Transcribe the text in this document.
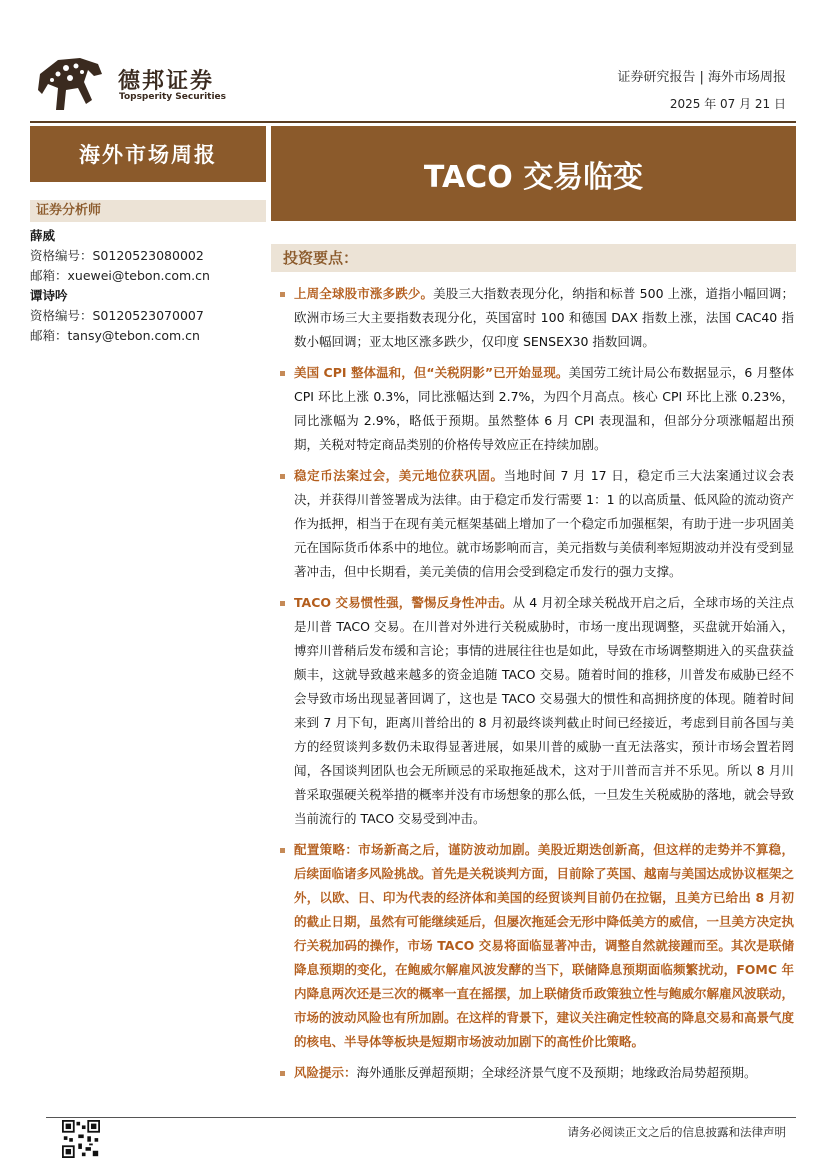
德邦证券
Topsperity Securities
证券研究报告 | 海外市场周报
2025 年 07 月 21 日
海外市场周报
TACO 交易临变
证券分析师
薛威
资格编号：S0120523080002
邮箱：xuewei@tebon.com.cn
谭诗吟
资格编号：S0120523070007
邮箱：tansy@tebon.com.cn
投资要点：
上周全球股市涨多跌少。美股三大指数表现分化，纳指和标普 500 上涨，道指小幅回调；欧洲市场三大主要指数表现分化，英国富时 100 和德国 DAX 指数上涨，法国 CAC40 指数小幅回调；亚太地区涨多跌少，仅印度 SENSEX30 指数回调。
美国 CPI 整体温和，但“关税阴影”已开始显现。美国劳工统计局公布数据显示，6 月整体 CPI 环比上涨 0.3%，同比涨幅达到 2.7%，为四个月高点。核心 CPI 环比上涨 0.23%，同比涨幅为 2.9%，略低于预期。虽然整体 6 月 CPI 表现温和，但部分分项涨幅超出预期，关税对特定商品类别的价格传导效应正在持续加剧。
稳定币法案过会，美元地位获巩固。当地时间 7 月 17 日，稳定币三大法案通过议会表决，并获得川普签署成为法律。由于稳定币发行需要 1：1 的以高质量、低风险的流动资产作为抵押，相当于在现有美元框架基础上增加了一个稳定币加强框架，有助于进一步巩固美元在国际货币体系中的地位。就市场影响而言，美元指数与美债利率短期波动并没有受到显著冲击，但中长期看，美元美债的信用会受到稳定币发行的强力支撑。
TACO 交易惯性强，警惕反身性冲击。从 4 月初全球关税战开启之后，全球市场的关注点是川普 TACO 交易。在川普对外进行关税威胁时，市场一度出现调整，买盘就开始涌入，博弈川普稍后发布缓和言论；事情的进展往往也是如此，导致在市场调整期进入的买盘获益颇丰，这就导致越来越多的资金追随 TACO 交易。随着时间的推移，川普发布威胁已经不会导致市场出现显著回调了，这也是 TACO 交易强大的惯性和高拥挤度的体现。随着时间来到 7 月下旬，距离川普给出的 8 月初最终谈判截止时间已经接近，考虑到目前各国与美方的经贸谈判多数仍未取得显著进展，如果川普的威胁一直无法落实，预计市场会置若罔闻，各国谈判团队也会无所顾忌的采取拖延战术，这对于川普而言并不乐见。所以 8 月川普采取强硬关税举措的概率并没有市场想象的那么低，一旦发生关税威胁的落地，就会导致当前流行的 TACO 交易受到冲击。
配置策略：市场新高之后，谨防波动加剧。美股近期迭创新高，但这样的走势并不算稳，后续面临诸多风险挑战。首先是关税谈判方面，目前除了英国、越南与美国达成协议框架之外，以欧、日、印为代表的经济体和美国的经贸谈判目前仍在拉锯，且美方已给出 8 月初的截止日期，虽然有可能继续延后，但屡次拖延会无形中降低美方的威信，一旦美方决定执行关税加码的操作，市场 TACO 交易将面临显著冲击，调整自然就接踵而至。其次是联储降息预期的变化，在鲍威尔解雇风波发酵的当下，联储降息预期面临频繁扰动，FOMC 年内降息两次还是三次的概率一直在摇摆，加上联储货币政策独立性与鲍威尔解雇风波联动，市场的波动风险也有所加剧。在这样的背景下，建议关注确定性较高的降息交易和高景气度的核电、半导体等板块是短期市场波动加剧下的高性价比策略。
风险提示：海外通胀反弹超预期；全球经济景气度不及预期；地缘政治局势超预期。
请务必阅读正文之后的信息披露和法律声明
